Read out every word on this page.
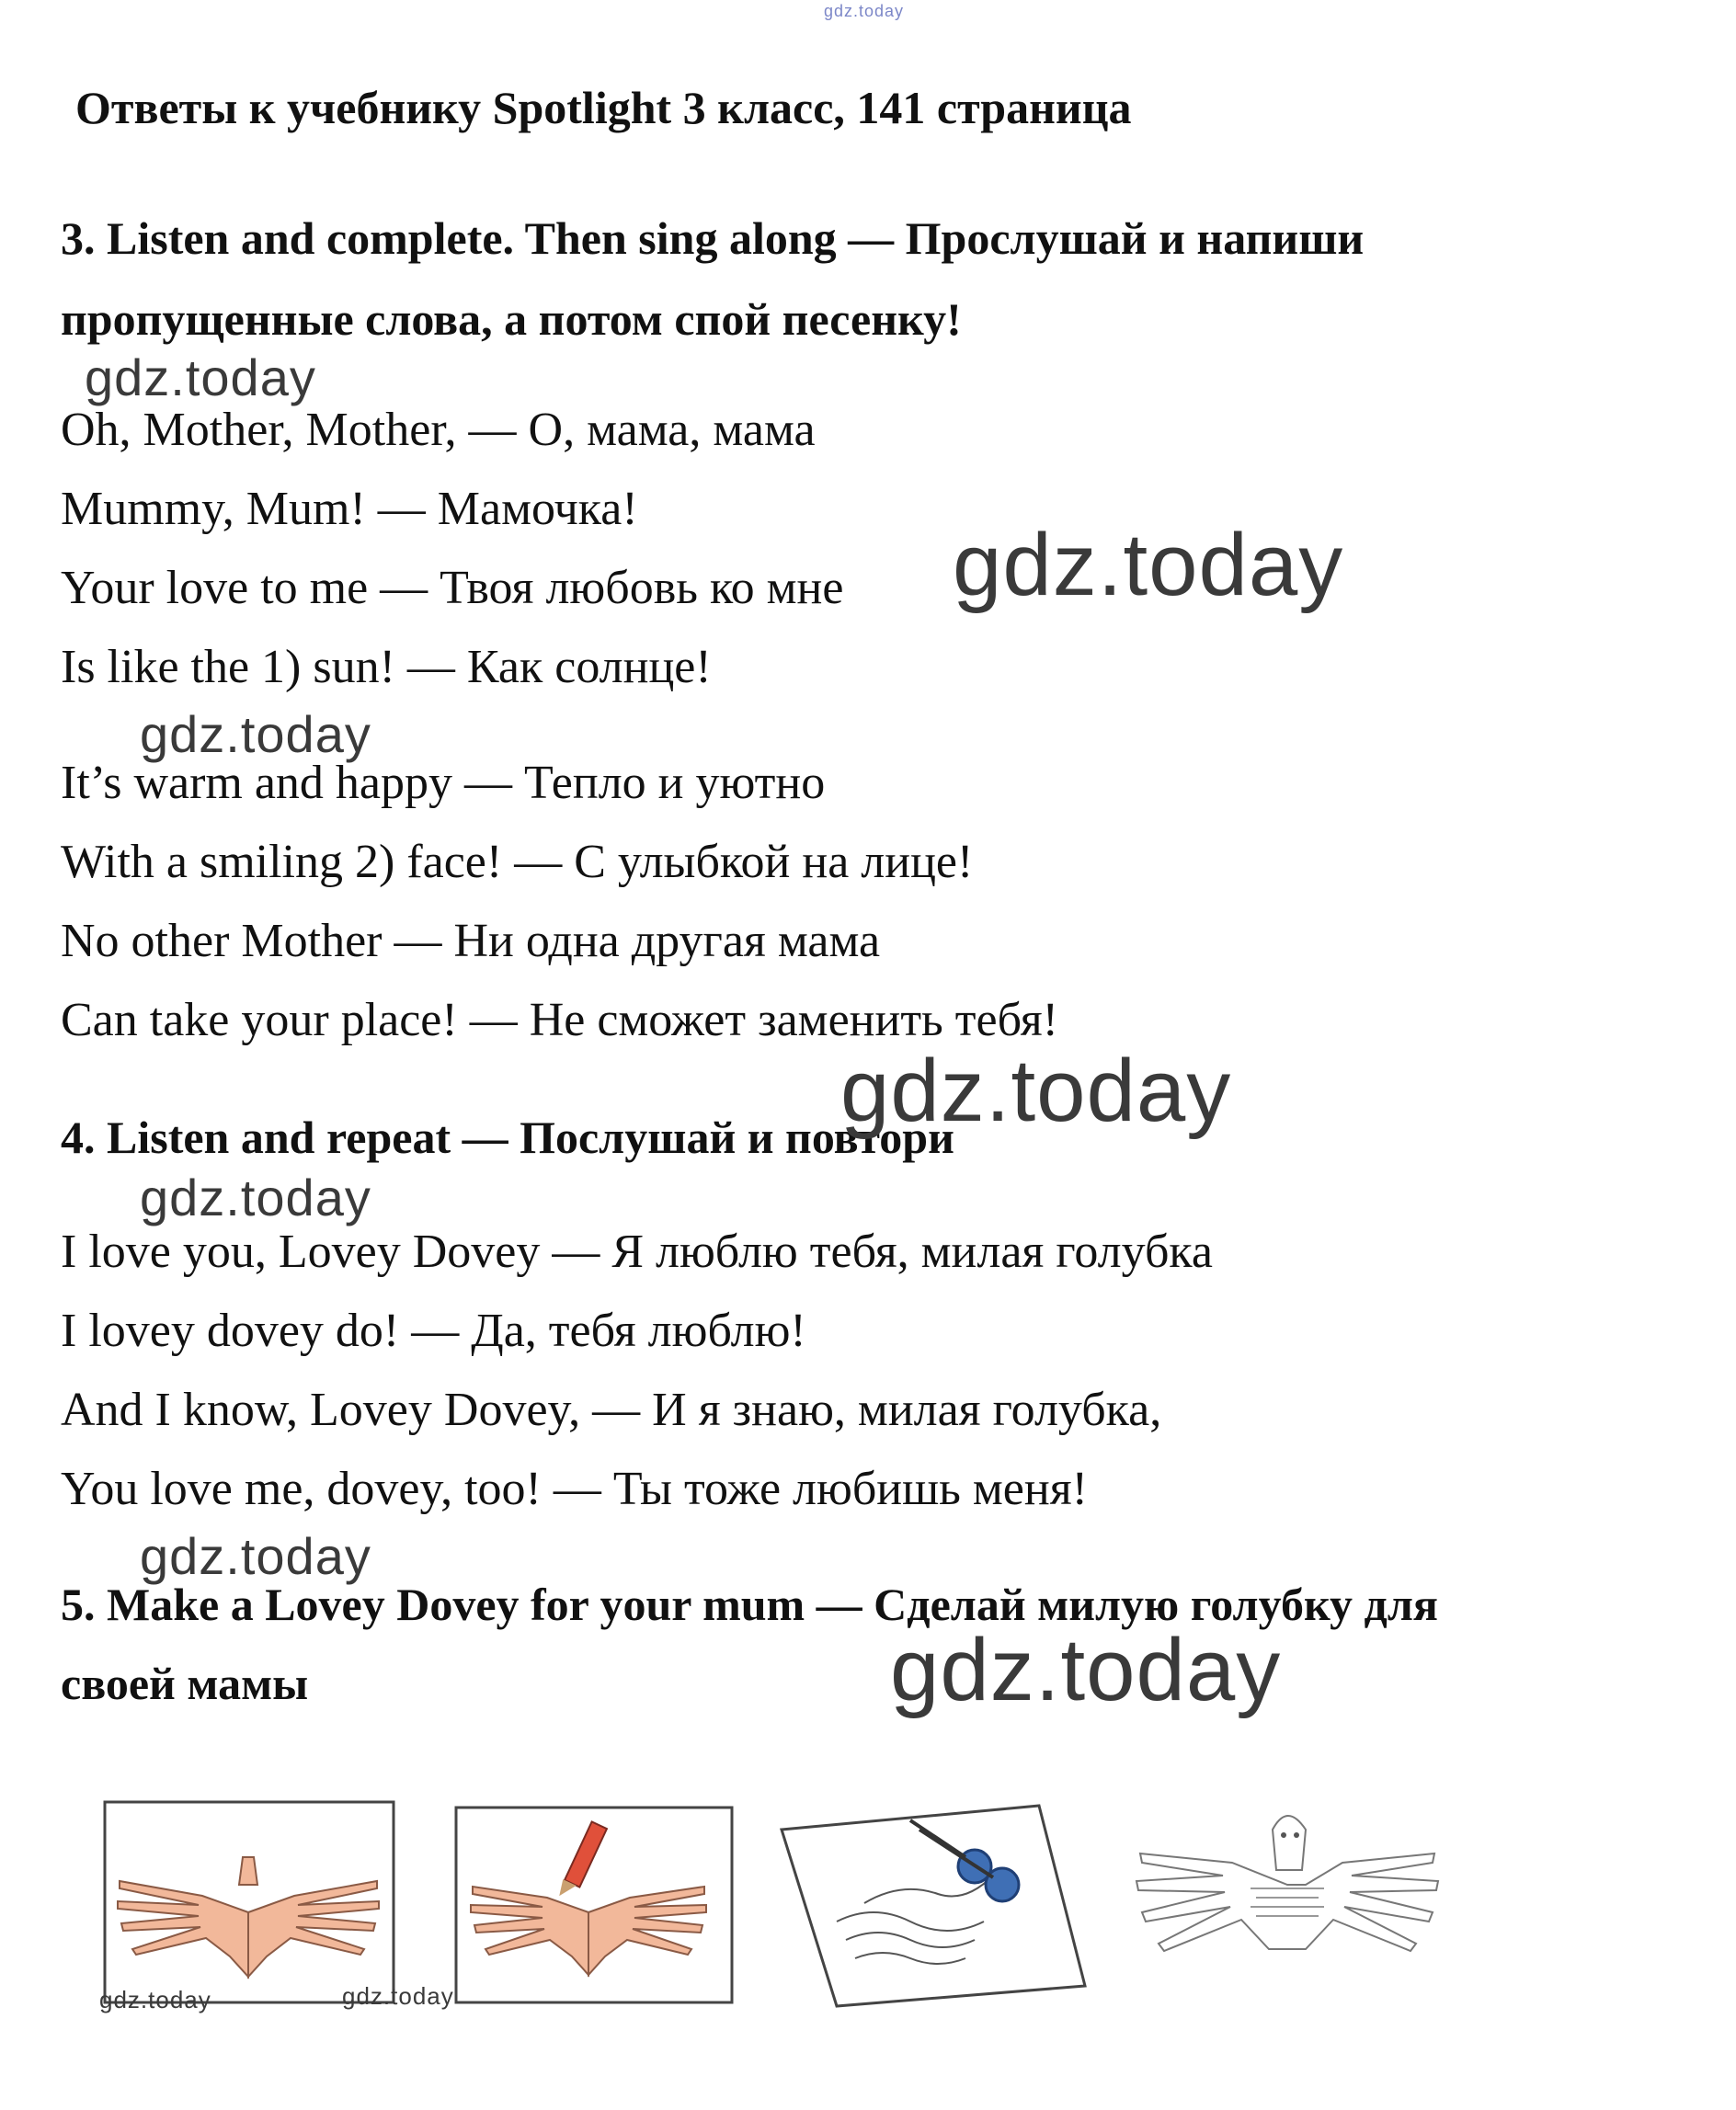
gdz.today
Ответы к учебнику Spotlight 3 класс, 141 страница
3. Listen and complete. Then sing along — Прослушай и напиши
пропущенные слова, а потом спой песенку!
gdz.today
Oh, Mother, Mother, — О, мама, мама
Mummy, Mum! — Мамочка!
Your love to me — Твоя любовь ко мне gdz.today
Is like the 1) sun! — Как солнце!
gdz.today
It’s warm and happy — Тепло и уютно
With a smiling 2) face! — С улыбкой на лице!
No other Mother — Ни одна другая мама
Can take your place! — Не сможет заменить тебя!
4. Listen and repeat — Послушай и повтори
gdz.today
gdz.today
I love you, Lovey Dovey — Я люблю тебя, милая голубка
I lovey dovey do! — Да, тебя люблю!
And I know, Lovey Dovey, — И я знаю, милая голубка,
You love me, dovey, too! — Ты тоже любишь меня!
gdz.today
5. Make a Lovey Dovey for your mum — Сделай милую голубку для
своей мамы	gdz.today
gdz.today	gdz.today
